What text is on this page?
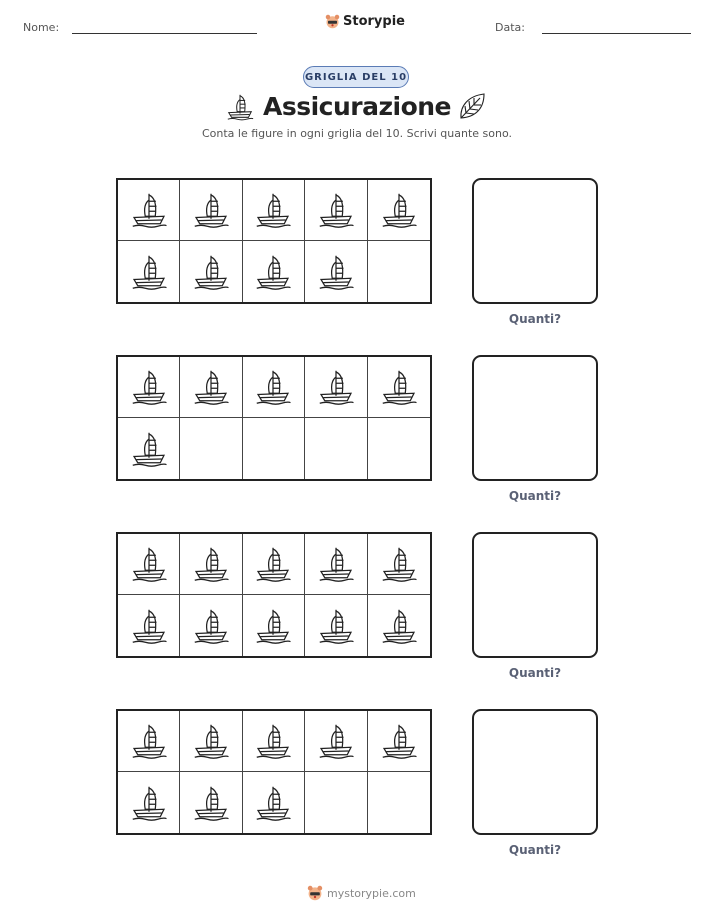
Nome:	Storypie	Data:
GRIGLIA DEL 10
Assicurazione
Conta le figure in ogni griglia del 10. Scrivi quante sono.
Quanti?
Quanti?
Quanti?
Quanti?
mystorypie.com
